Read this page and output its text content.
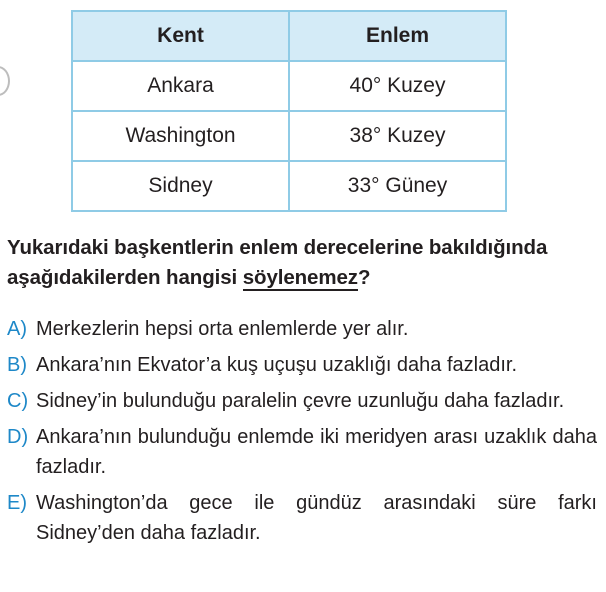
Kent	Enlem
Ankara	40° Kuzey
Washington	38° Kuzey
Sidney	33° Güney
Yukarıdaki başkentlerin enlem derecelerine bakıldığında aşağıdakilerden hangisi söylenemez?
A) Merkezlerin hepsi orta enlemlerde yer alır.
B) Ankara’nın Ekvator’a kuş uçuşu uzaklığı daha fazladır.
C) Sidney’in bulunduğu paralelin çevre uzunluğu daha fazladır.
D) Ankara’nın bulunduğu enlemde iki meridyen arası uzaklık daha fazladır.
E) Washington’da gece ile gündüz arasındaki süre farkı Sidney’den daha fazladır.
